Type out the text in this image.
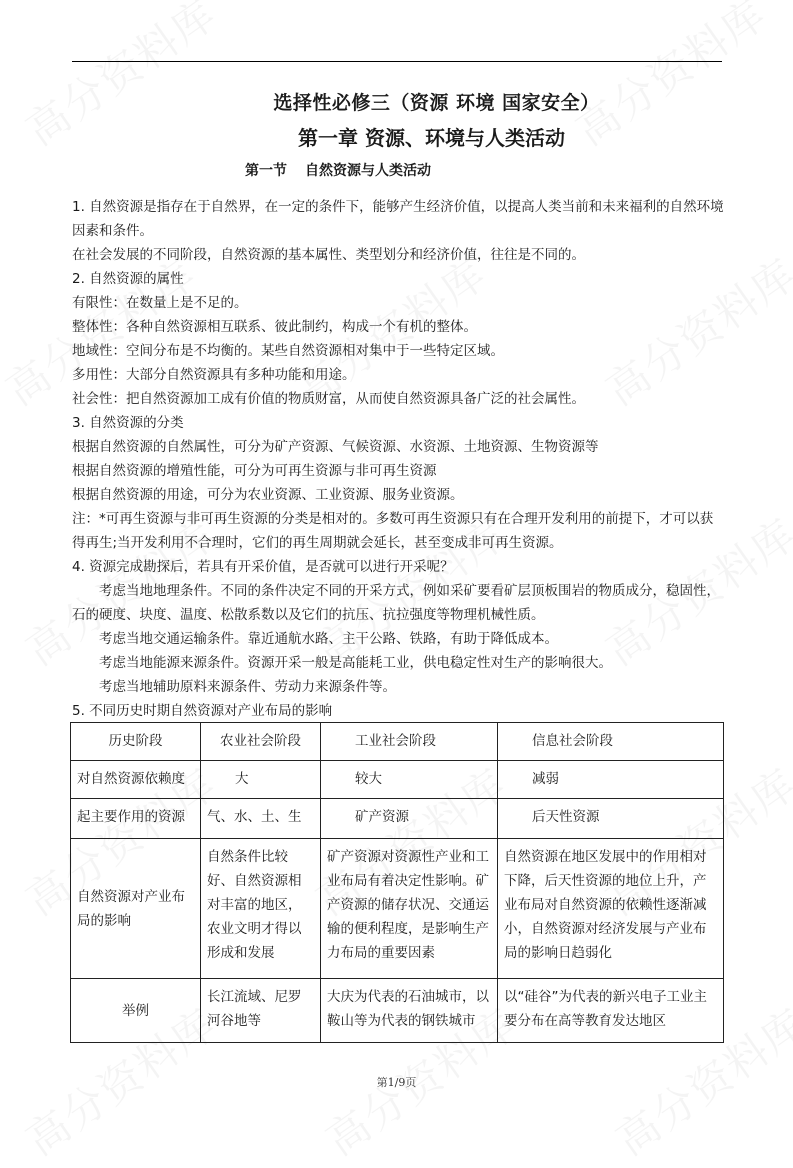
选择性必修三（资源 环境 国家安全）
第一章 资源、环境与人类活动
第一节 自然资源与人类活动

1. 自然资源是指存在于自然界，在一定的条件下，能够产生经济价值，以提高人类当前和未来福利的自然环境因素和条件。

在社会发展的不同阶段，自然资源的基本属性、类型划分和经济价值，往往是不同的。

2. 自然资源的属性

有限性：在数量上是不足的。

整体性：各种自然资源相互联系、彼此制约，构成一个有机的整体。

地域性：空间分布是不均衡的。某些自然资源相对集中于一些特定区域。

多用性：大部分自然资源具有多种功能和用途。

社会性：把自然资源加工成有价值的物质财富，从而使自然资源具备广泛的社会属性。

3. 自然资源的分类

根据自然资源的自然属性，可分为矿产资源、气候资源、水资源、土地资源、生物资源等

根据自然资源的增殖性能，可分为可再生资源与非可再生资源

根据自然资源的用途，可分为农业资源、工业资源、服务业资源。

注：*可再生资源与非可再生资源的分类是相对的。多数可再生资源只有在合理开发利用的前提下，才可以获得再生;当开发利用不合理时，它们的再生周期就会延长，甚至变成非可再生资源。

4. 资源完成勘探后，若具有开采价值，是否就可以进行开采呢？

考虑当地地理条件。不同的条件决定不同的开采方式，例如采矿要看矿层顶板围岩的物质成分，稳固性，石的硬度、块度、温度、松散系数以及它们的抗压、抗拉强度等物理机械性质。

考虑当地交通运输条件。靠近通航水路、主干公路、铁路，有助于降低成本。

考虑当地能源来源条件。资源开采一般是高能耗工业，供电稳定性对生产的影响很大。

考虑当地辅助原料来源条件、劳动力来源条件等。

5. 不同历史时期自然资源对产业布局的影响

历史阶段	农业社会阶段	工业社会阶段	信息社会阶段
对自然资源依赖度	大	较大	减弱
起主要作用的资源	气、水、土、生	矿产资源	后天性资源
自然资源对产业布局的影响	自然条件比较好、自然资源相对丰富的地区，农业文明才得以形成和发展	矿产资源对资源性产业和工业布局有着决定性影响。矿产资源的储存状况、交通运输的便利程度，是影响生产力布局的重要因素	自然资源在地区发展中的作用相对下降，后天性资源的地位上升，产业布局对自然资源的依赖性逐渐减小，自然资源对经济发展与产业布局的影响日趋弱化
举例	长江流域、尼罗河谷地等	大庆为代表的石油城市，以鞍山等为代表的钢铁城市	以“硅谷”为代表的新兴电子工业主要分布在高等教育发达地区
第1/9页
